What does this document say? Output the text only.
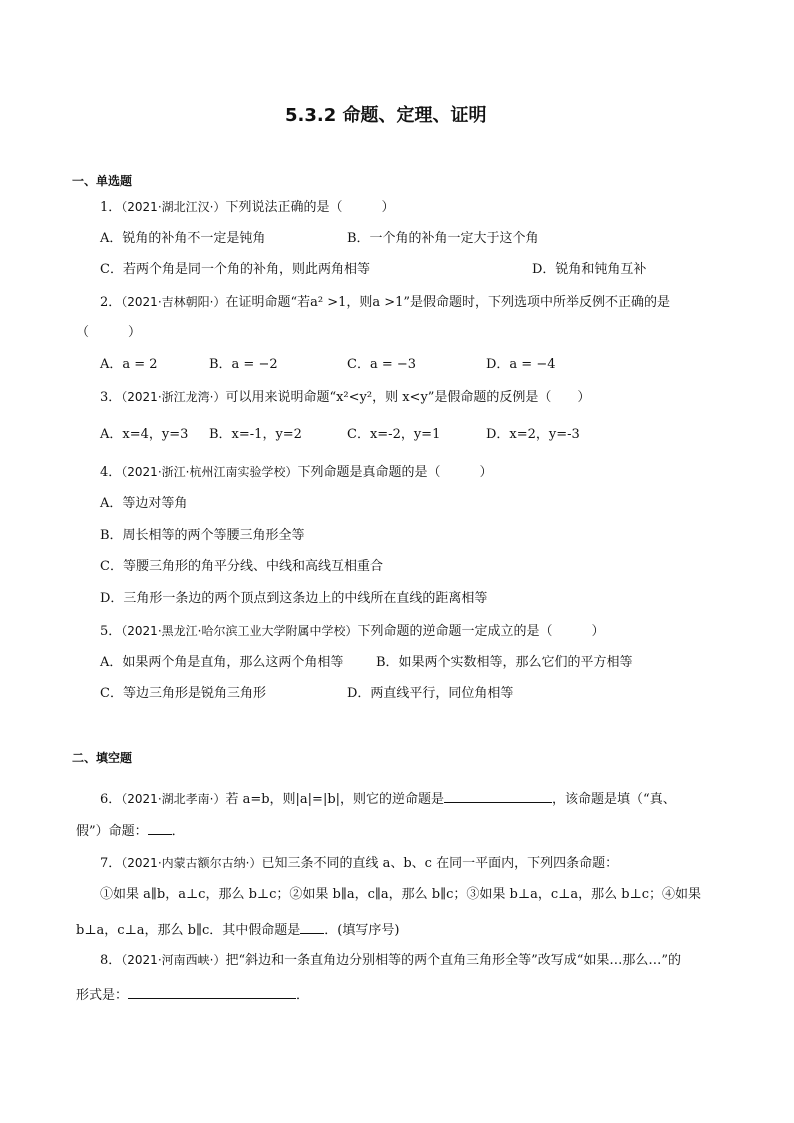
5.3.2 命题、定理、证明
一、单选题
1．（2021·湖北江汉·）下列说法正确的是（　　　）
A．锐角的补角不一定是钝角	B．一个角的补角一定大于这个角
C．若两个角是同一个角的补角，则此两角相等	D．锐角和钝角互补
2．（2021·吉林朝阳·）在证明命题“若a² >1，则a >1”是假命题时，下列选项中所举反例不正确的是
（　　　）
A．a = 2	B．a = −2	C．a = −3	D．a = −4
3．（2021·浙江龙湾·）可以用来说明命题“x²<y²，则 x<y”是假命题的反例是（　　）
A．x=4，y=3 B．x=-1，y=2	C．x=-2，y=1	D．x=2，y=-3
4．（2021·浙江·杭州江南实验学校）下列命题是真命题的是（　　　）
A．等边对等角
B．周长相等的两个等腰三角形全等
C．等腰三角形的角平分线、中线和高线互相重合
D．三角形一条边的两个顶点到这条边上的中线所在直线的距离相等
5．（2021·黑龙江·哈尔滨工业大学附属中学校）下列命题的逆命题一定成立的是（　　　）
A．如果两个角是直角，那么这两个角相等	B．如果两个实数相等，那么它们的平方相等
C．等边三角形是锐角三角形	D．两直线平行，同位角相等
二、填空题
6．（2021·湖北孝南·）若 a=b，则|a|=|b|，则它的逆命题是	，该命题是填（“真、
假”）命题： ．
7．（2021·内蒙古额尔古纳·）已知三条不同的直线 a、b、c 在同一平面内，下列四条命题：
①如果 a∥b，a⊥c，那么 b⊥c；②如果 b∥a，c∥a，那么 b∥c；③如果 b⊥a，c⊥a，那么 b⊥c；④如果
b⊥a，c⊥a，那么 b∥c．其中假命题是 ．(填写序号)
8．（2021·河南西峡·）把“斜边和一条直角边分别相等的两个直角三角形全等”改写成“如果…那么…”的
形式是：	．
